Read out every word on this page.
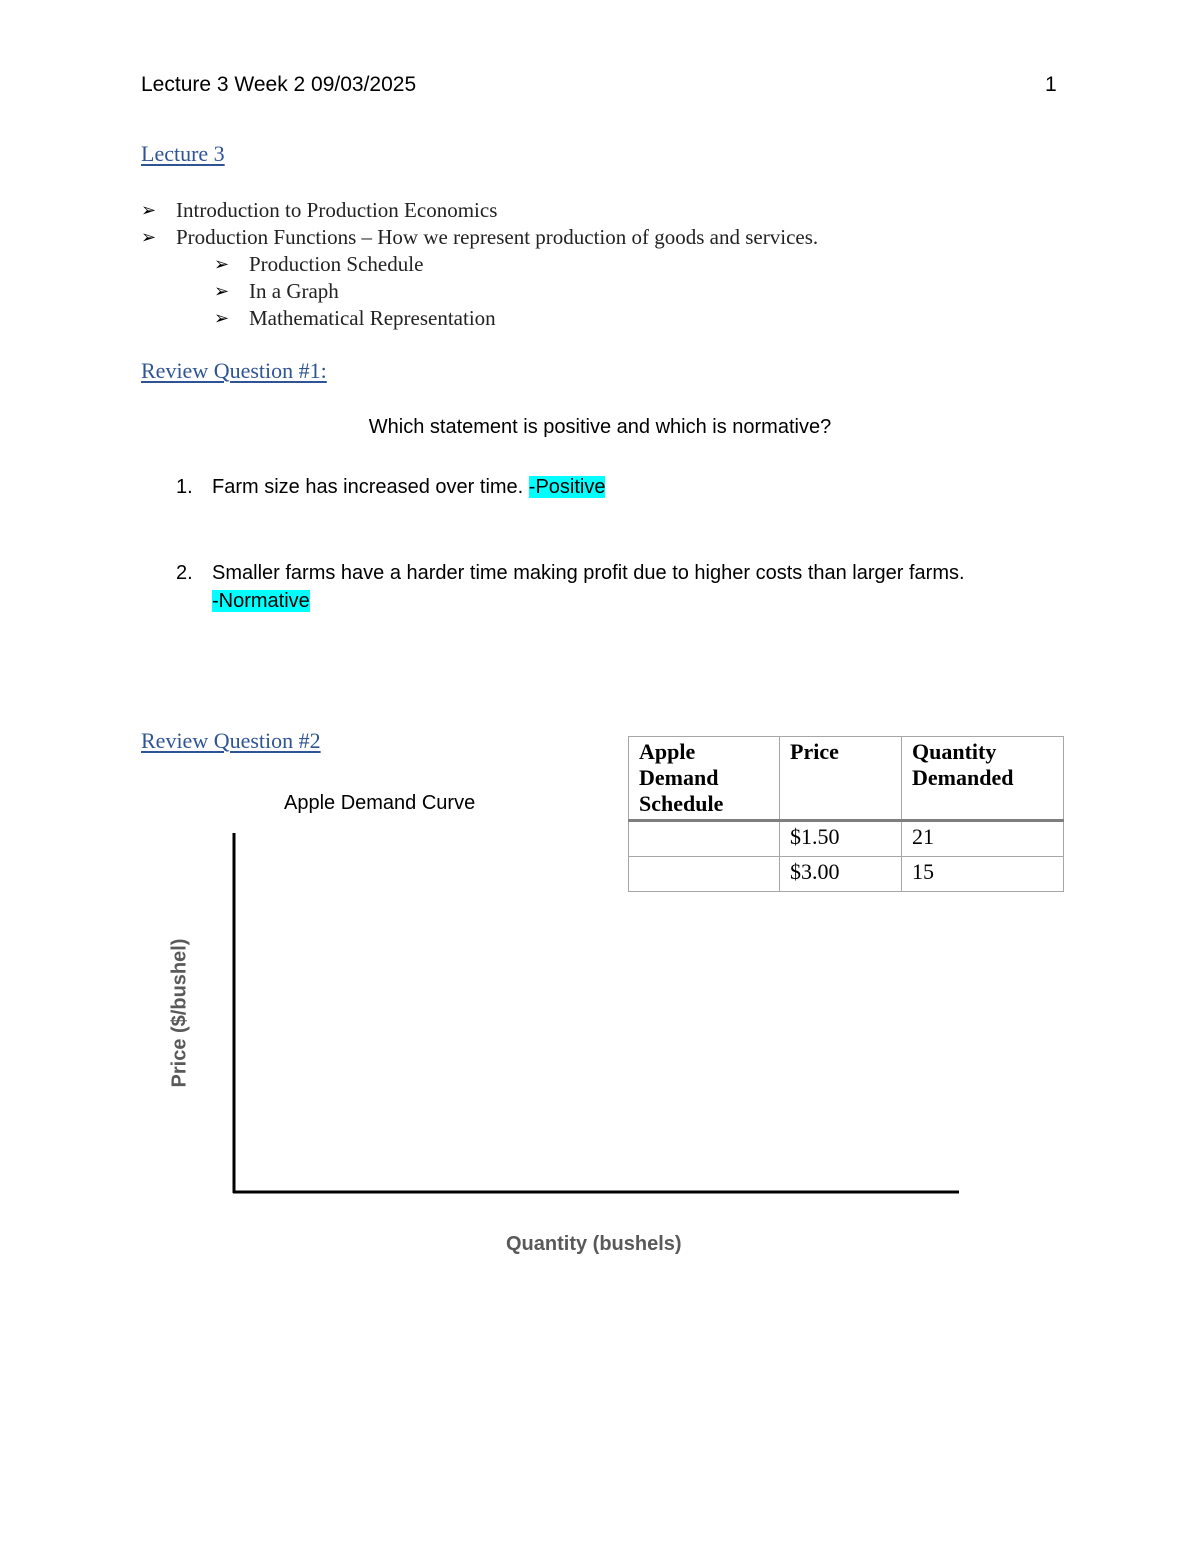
Lecture 3 Week 2 09/03/2025	1
Lecture 3
➢ Introduction to Production Economics
➢ Production Functions – How we represent production of goods and services.
➢ Production Schedule
➢ In a Graph
➢ Mathematical Representation
Review Question #1:
Which statement is positive and which is normative?
1. Farm size has increased over time. -Positive
2. Smaller farms have a harder time making profit due to higher costs than larger farms.
-Normative
Review Question #2
Apple Demand Curve
Price ($/bushel)
Quantity (bushels)
Apple Demand Schedule	Price	Quantity Demanded
	$1.50	21
	$3.00	15
